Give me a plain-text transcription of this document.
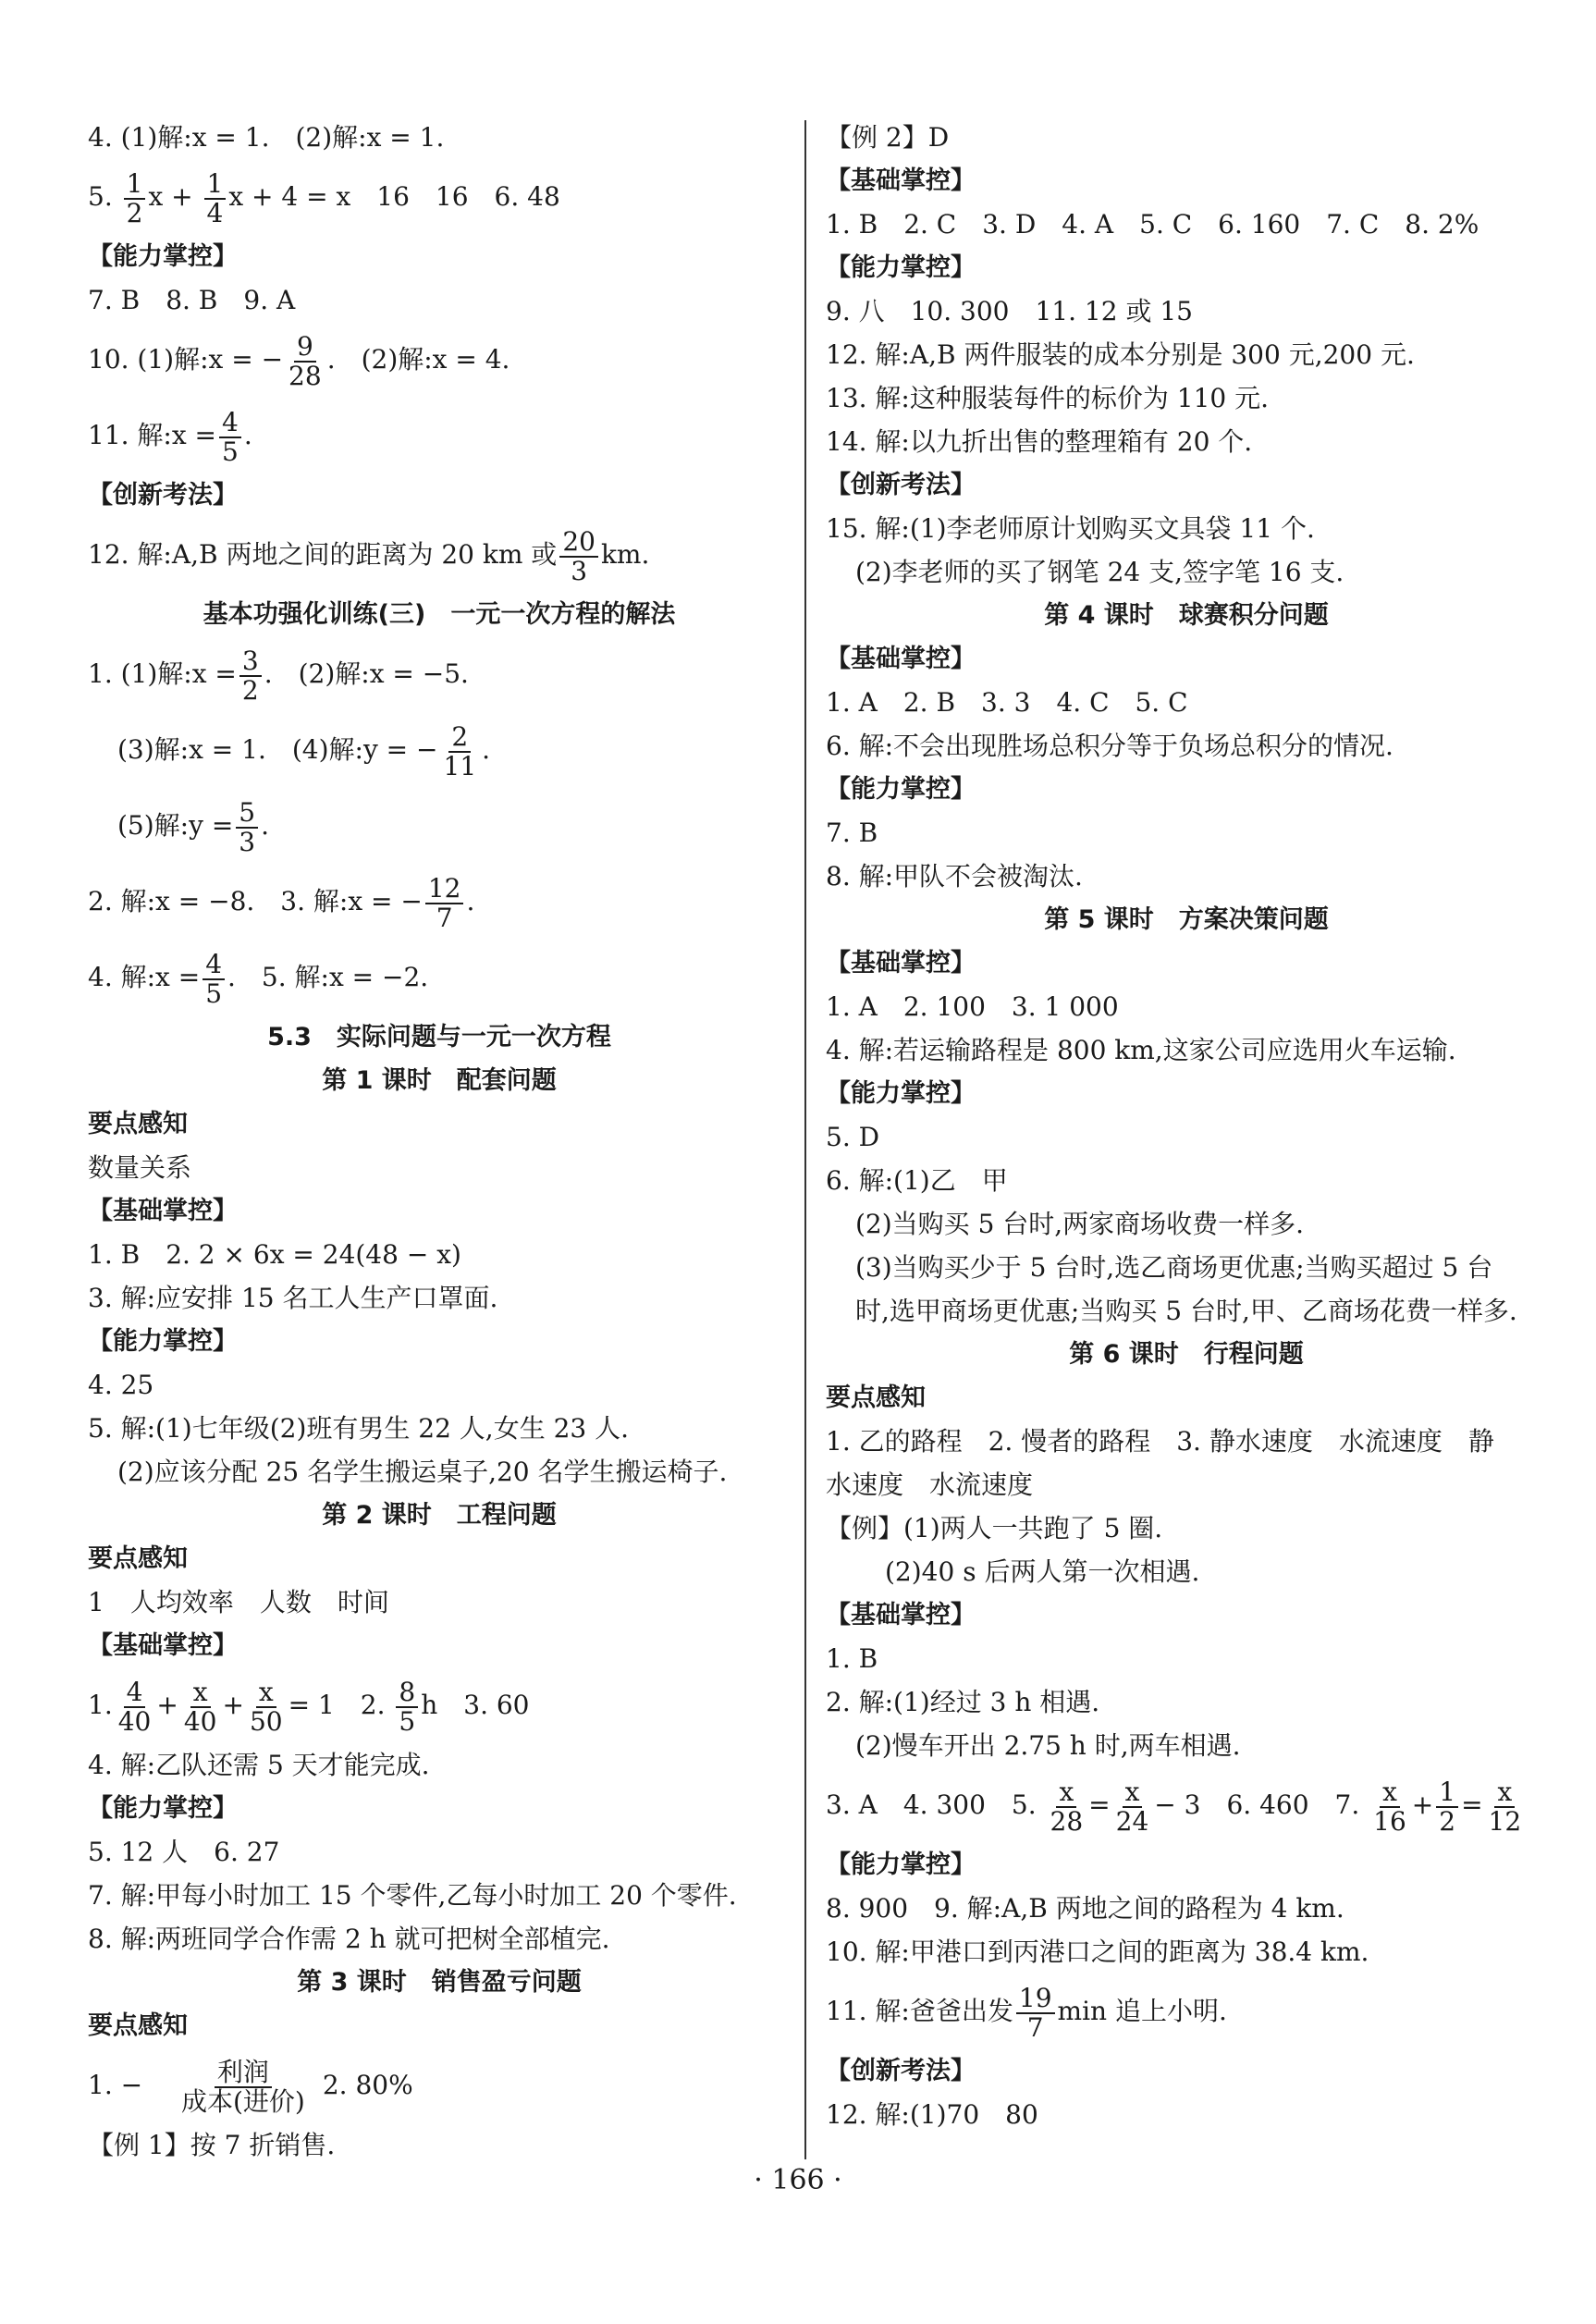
4. (1)解:x = 1.　(2)解:x = 1.
5. $\frac{1}{2}$ $x + \frac{1}{4}$ x + 4 = x　16　16　6. 48
【能力掌控】
7. B　8. B　9. A
10. (1)解:x = − $\frac{9}{28}$ .　(2)解:x = 4.
11. 解:x = $\frac{4}{5}$ .
【创新考法】
12. 解:A,B 两地之间的距离为 20 km 或 $\frac{20}{3}$ km.
基本功强化训练(三)　一元一次方程的解法
1. (1)解:x = $\frac{3}{2}$ .　(2)解:x = −5.
(3)解:x = 1.　(4)解:y = − $\frac{2}{11}$ .
(5)解:y = $\frac{5}{3}$ .
2. 解:x = −8.　3. 解:x = − $\frac{12}{7}$ .
4. 解:x = $\frac{4}{5}$ .　5. 解:x = −2.
5.3　实际问题与一元一次方程
第 1 课时　配套问题
要点感知
数量关系
【基础掌控】
1. B　2. 2 × 6x = 24(48 − x)
3. 解:应安排 15 名工人生产口罩面.
【能力掌控】
4. 25
5. 解:(1)七年级(2)班有男生 22 人,女生 23 人.
(2)应该分配 25 名学生搬运桌子,20 名学生搬运椅子.
第 2 课时　工程问题
要点感知
1　人均效率　人数　时间
【基础掌控】
1. $\frac{4}{40} + \frac{x}{40} + \frac{x}{50} = 1$　2. $\frac{8}{5}$ h　3. 60
4. 解:乙队还需 5 天才能完成.
【能力掌控】
5. 12 人　6. 27
7. 解:甲每小时加工 15 个零件,乙每小时加工 20 个零件.
8. 解:两班同学合作需 2 h 就可把树全部植完.
第 3 课时　销售盈亏问题
要点感知
1. − $\frac{\text{利润}}{\text{成本(进价)}} 2$. 80%
【例 1】按 7 折销售.
【例 2】D
【基础掌控】
1. B　2. C　3. D　4. A　5. C　6. 160　7. C　8. 2%
【能力掌控】
9. 八　10. 300　11. 12 或 15
12. 解:A,B 两件服装的成本分别是 300 元,200 元.
13. 解:这种服装每件的标价为 110 元.
14. 解:以九折出售的整理箱有 20 个.
【创新考法】
15. 解:(1)李老师原计划购买文具袋 11 个.
(2)李老师的买了钢笔 24 支,签字笔 16 支.
第 4 课时　球赛积分问题
【基础掌控】
1. A　2. B　3. 3　4. C　5. C
6. 解:不会出现胜场总积分等于负场总积分的情况.
【能力掌控】
7. B
8. 解:甲队不会被淘汰.
第 5 课时　方案决策问题
【基础掌控】
1. A　2. 100　3. 1 000
4. 解:若运输路程是 800 km,这家公司应选用火车运输.
【能力掌控】
5. D
6. 解:(1)乙　甲
(2)当购买 5 台时,两家商场收费一样多.
(3)当购买少于 5 台时,选乙商场更优惠;当购买超过 5 台
时,选甲商场更优惠;当购买 5 台时,甲、乙商场花费一样多.
第 6 课时　行程问题
要点感知
1. 乙的路程　2. 慢者的路程　3. 静水速度　水流速度　静
水速度　水流速度
【例】(1)两人一共跑了 5 圈.
(2)40 s 后两人第一次相遇.
【基础掌控】
1. B
2. 解:(1)经过 3 h 相遇.
(2)慢车开出 2.75 h 时,两车相遇.
3. A　4. 300　5. $\frac{x}{28} = \frac{x}{24} - 3$　6. 460　7. $\frac{x}{16} + \frac{1}{2} = \frac{x}{12}$
【能力掌控】
8. 900　9. 解:A,B 两地之间的路程为 4 km.
10. 解:甲港口到丙港口之间的距离为 38.4 km.
11. 解:爸爸出发 $\frac{19}{7}$ min 追上小明.
【创新考法】
12. 解:(1)70　80
· 166 ·
